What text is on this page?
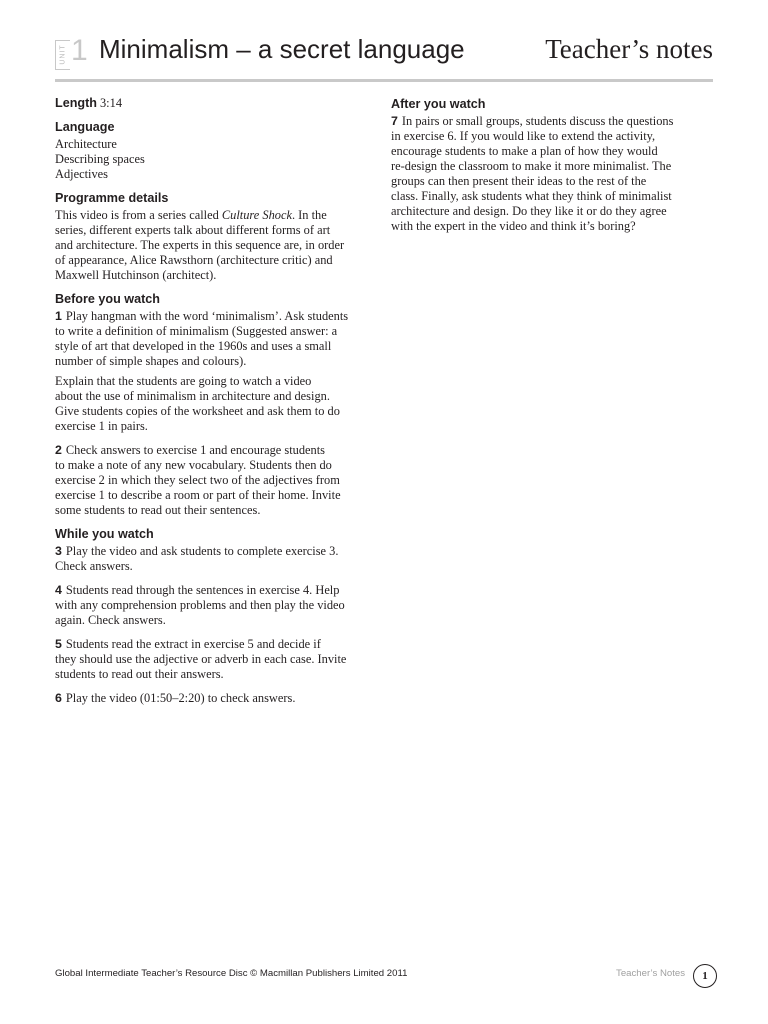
UNIT 1 Minimalism – a secret language	Teacher’s notes
Length 3:14
Language
Architecture
Describing spaces
Adjectives
Programme details
This video is from a series called Culture Shock. In the
series, different experts talk about different forms of art
and architecture. The experts in this sequence are, in order
of appearance, Alice Rawsthorn (architecture critic) and
Maxwell Hutchinson (architect).
Before you watch

1 Play hangman with the word ‘minimalism’. Ask students
to write a definition of minimalism (Suggested answer: a
style of art that developed in the 1960s and uses a small
number of simple shapes and colours).

Explain that the students are going to watch a video
about the use of minimalism in architecture and design.
Give students copies of the worksheet and ask them to do
exercise 1 in pairs.

2 Check answers to exercise 1 and encourage students
to make a note of any new vocabulary. Students then do
exercise 2 in which they select two of the adjectives from
exercise 1 to describe a room or part of their home. Invite
some students to read out their sentences.

While you watch

3 Play the video and ask students to complete exercise 3.
Check answers.

4 Students read through the sentences in exercise 4. Help
with any comprehension problems and then play the video
again. Check answers.

5 Students read the extract in exercise 5 and decide if
they should use the adjective or adverb in each case. Invite
students to read out their answers.

6 Play the video (01:50–2:20) to check answers.

After you watch

7 In pairs or small groups, students discuss the questions
in exercise 6. If you would like to extend the activity,
encourage students to make a plan of how they would
re-design the classroom to make it more minimalist. The
groups can then present their ideas to the rest of the
class. Finally, ask students what they think of minimalist
architecture and design. Do they like it or do they agree
with the expert in the video and think it’s boring?

Global Intermediate Teacher’s Resource Disc © Macmillan Publishers Limited 2011	Teacher’s Notes	1
